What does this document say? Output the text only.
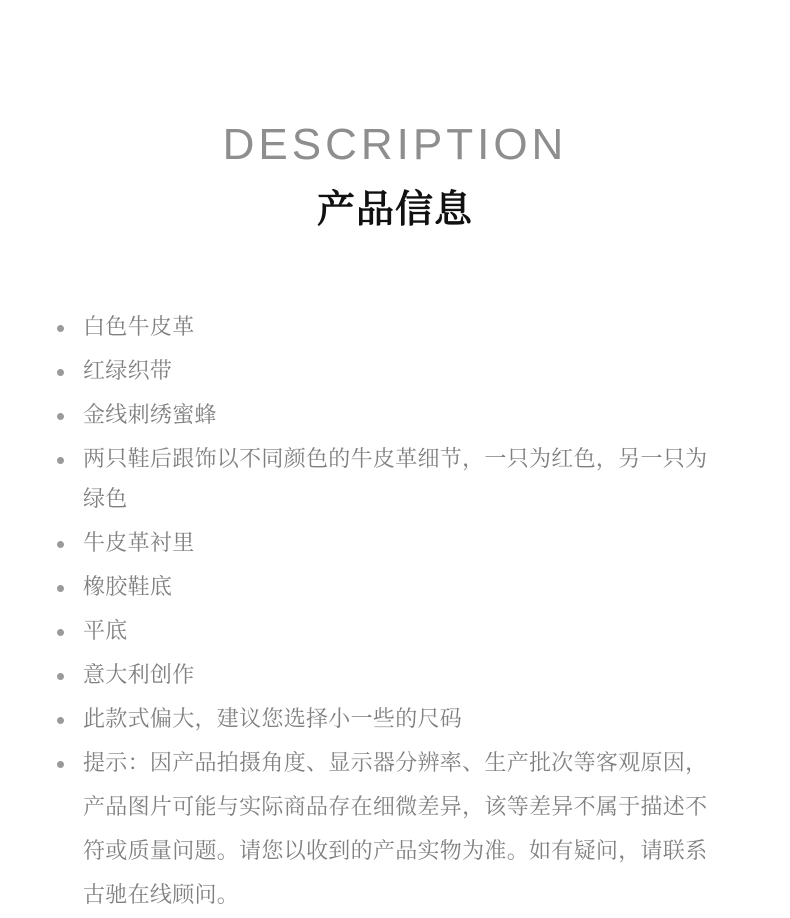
DESCRIPTION
产品信息
白色牛皮革
红绿织带
金线刺绣蜜蜂
两只鞋后跟饰以不同颜色的牛皮革细节，一只为红色，另一只为绿色
牛皮革衬里
橡胶鞋底
平底
意大利创作
此款式偏大，建议您选择小一些的尺码
提示：因产品拍摄角度、显示器分辨率、生产批次等客观原因，产品图片可能与实际商品存在细微差异，该等差异不属于描述不符或质量问题。请您以收到的产品实物为准。如有疑问，请联系古驰在线顾问。
